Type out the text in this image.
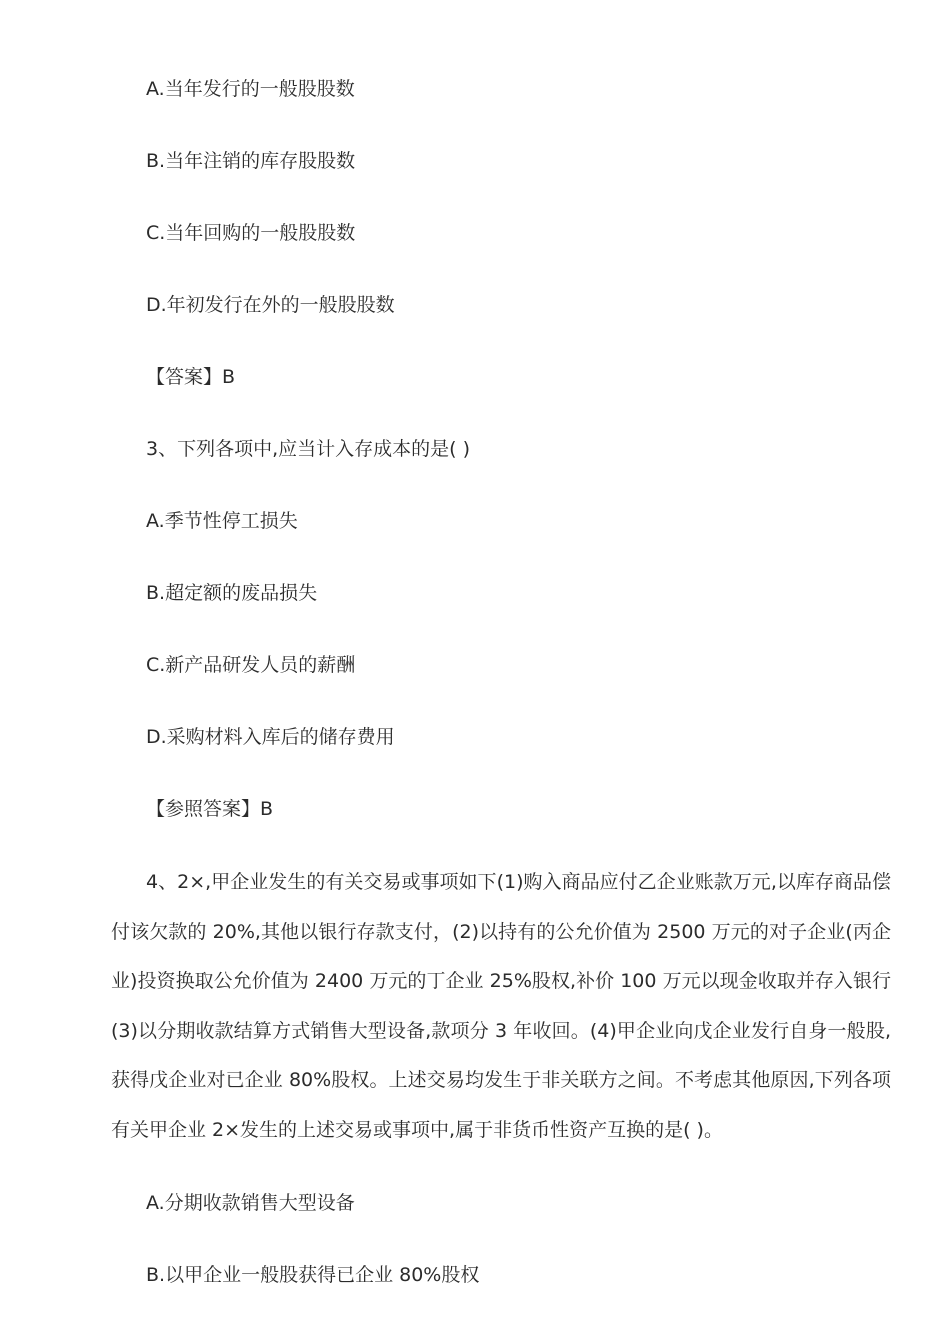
A.当年发行的一般股股数
B.当年注销的库存股股数
C.当年回购的一般股股数
D.年初发行在外的一般股股数
【答案】B
3、下列各项中,应当计入存成本的是( )
A.季节性停工损失
B.超定额的废品损失
C.新产品研发人员的薪酬
D.采购材料入库后的储存费用
【参照答案】B
4、2×,甲企业发生的有关交易或事项如下(1)购入商品应付乙企业账款万元,以库存商品偿付该欠款的 20%,其他以银行存款支付，(2)以持有的公允价值为 2500 万元的对子企业(丙企业)投资换取公允价值为 2400 万元的丁企业 25%股权,补价 100 万元以现金收取并存入银行(3)以分期收款结算方式销售大型设备,款项分 3 年收回。(4)甲企业向戊企业发行自身一般股,获得戊企业对已企业 80%股权。上述交易均发生于非关联方之间。不考虑其他原因,下列各项有关甲企业 2×发生的上述交易或事项中,属于非货币性资产互换的是( )。
A.分期收款销售大型设备
B.以甲企业一般股获得已企业 80%股权
